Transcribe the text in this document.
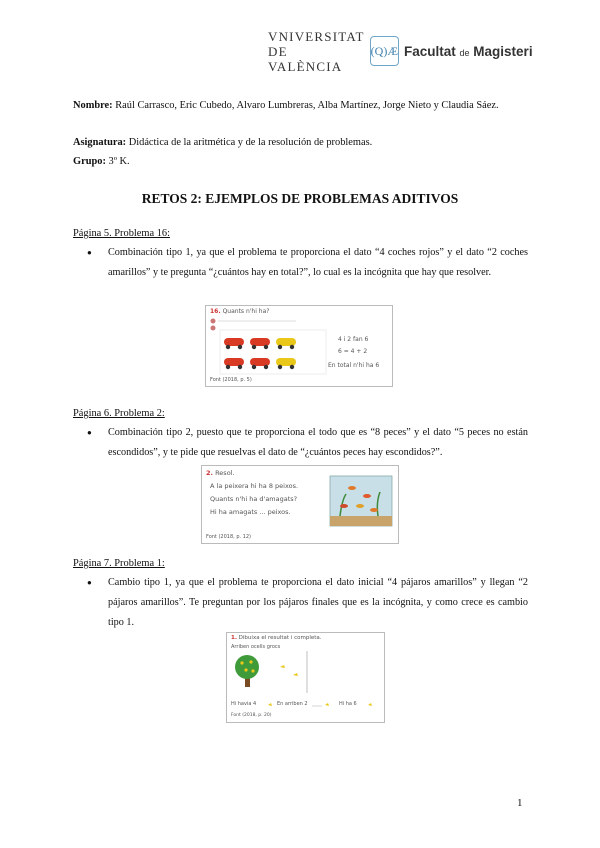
VNIVERSITAT
DE VALÈNCIA
(Q)Æ Facultat de Magisteri
Nombre: Raúl Carrasco, Eric Cubedo, Alvaro Lumbreras, Alba Martínez, Jorge Nieto y Claudia Sáez.
Asignatura: Didáctica de la aritmética y de la resolución de problemas.
Grupo: 3º K.
RETOS 2: EJEMPLOS DE PROBLEMAS ADITIVOS
Página 5. Problema 16:
● Combinación tipo 1, ya que el problema te proporciona el dato “4 coches rojos” y el dato “2 coches amarillos” y te pregunta “¿cuántos hay en total?”, lo cual es la incógnita que hay que resolver.
16. Quants n'hi ha?
4 i 2 fan 6
6 = 4 + 2
En total n'hi ha 6
Font (2018, p. 5)
Página 6. Problema 2:
● Combinación tipo 2, puesto que te proporciona el todo que es “8 peces” y el dato “5 peces no están escondidos”, y te pide que resuelvas el dato de “¿cuántos peces hay escondidos?”.
2. Resol.
A la peixera hi ha 8 peixos.
Quants n'hi ha d'amagats?
Hi ha amagats ... peixos.
Font (2018, p. 12)
Página 7. Problema 1:
● Cambio tipo 1, ya que el problema te proporciona el dato inicial “4 pájaros amarillos” y llegan “2 pájaros amarillos”. Te preguntan por los pájaros finales que es la incógnita, y como crece es cambio tipo 1.
1. Dibuixa el resultat i completa.
Arriben ocells grocs
Hi havia 4	En arriben 2	Hi ha 6
Font (2018, p. 20)
1
